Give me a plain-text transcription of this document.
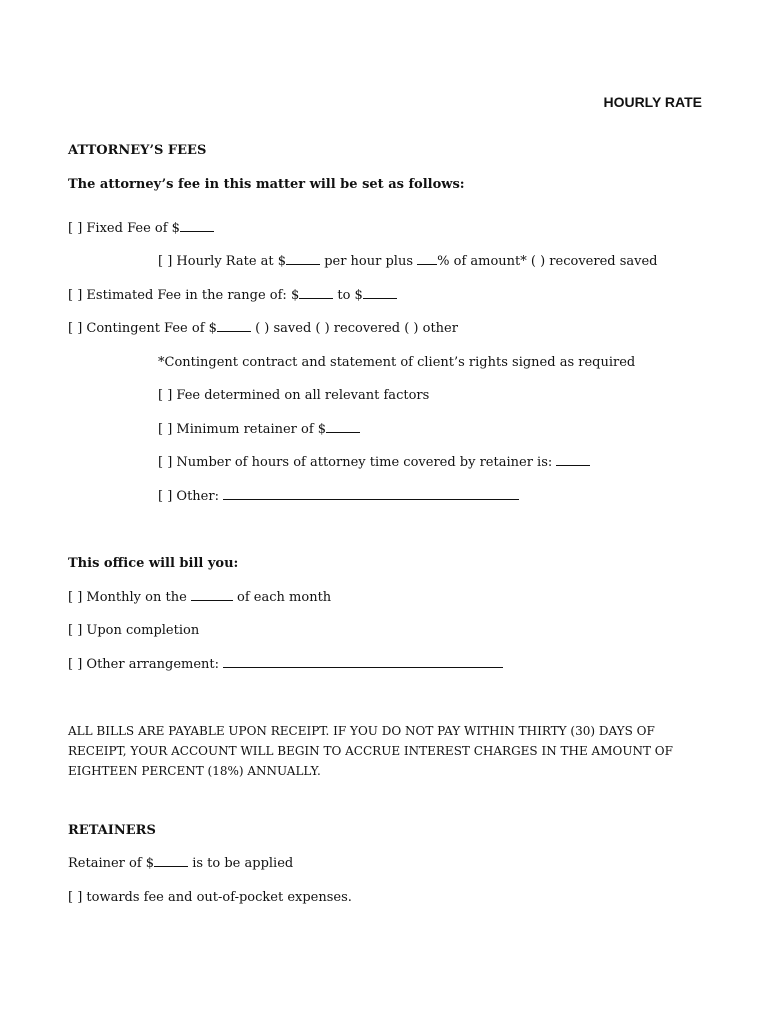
HOURLY RATE
ATTORNEY’S FEES
The attorney’s fee in this matter will be set as follows:
[ ] Fixed Fee of $
[ ] Hourly Rate at $	per hour plus % of amount* ( ) recovered saved
[ ] Estimated Fee in the range of: $	to $
[ ] Contingent Fee of $	( ) saved ( ) recovered ( ) other
*Contingent contract and statement of client’s rights signed as required
[ ] Fee determined on all relevant factors
[ ] Minimum retainer of $
[ ] Number of hours of attorney time covered by retainer is:
[ ] Other:
This office will bill you:
[ ] Monthly on the	of each month
[ ] Upon completion
[ ] Other arrangement:
ALL BILLS ARE PAYABLE UPON RECEIPT. IF YOU DO NOT PAY WITHIN THIRTY (30) DAYS OF RECEIPT, YOUR ACCOUNT WILL BEGIN TO ACCRUE INTEREST CHARGES IN THE AMOUNT OF EIGHTEEN PERCENT (18%) ANNUALLY.
RETAINERS
Retainer of $	is to be applied
[ ] towards fee and out-of-pocket expenses.
